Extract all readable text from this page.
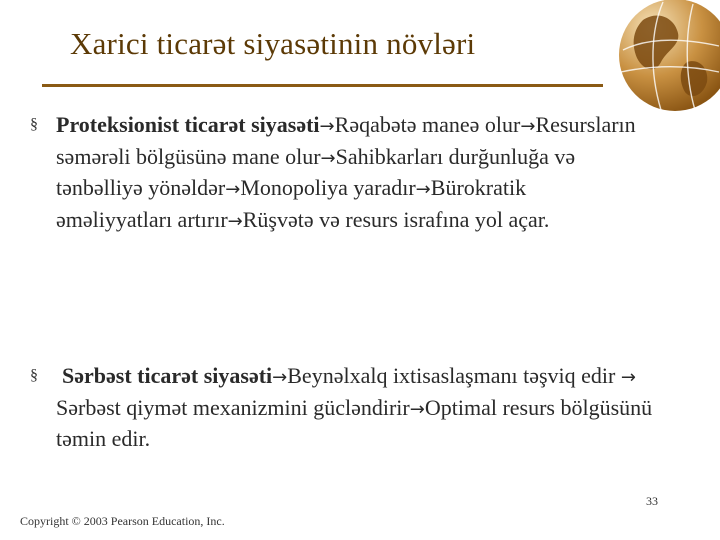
Xarici ticarət siyasətinin növləri
§ Proteksionist ticarət siyasəti→Rəqabətə maneə olur→Resursların səmərəli bölgüsünə mane olur→Sahibkarları durğunluğa və tənbəlliyə yönəldər→Monopoliya yaradır→Bürokratik əməliyyatları artırır→Rüşvətə və resurs israfına yol açar.
§ Sərbəst ticarət siyasəti→Beynəlxalq ixtisaslaşmanı təşviq edir → Sərbəst qiymət mexanizmini gücləndirir→Optimal resurs bölgüsünü təmin edir.
33
Copyright © 2003 Pearson Education, Inc.
